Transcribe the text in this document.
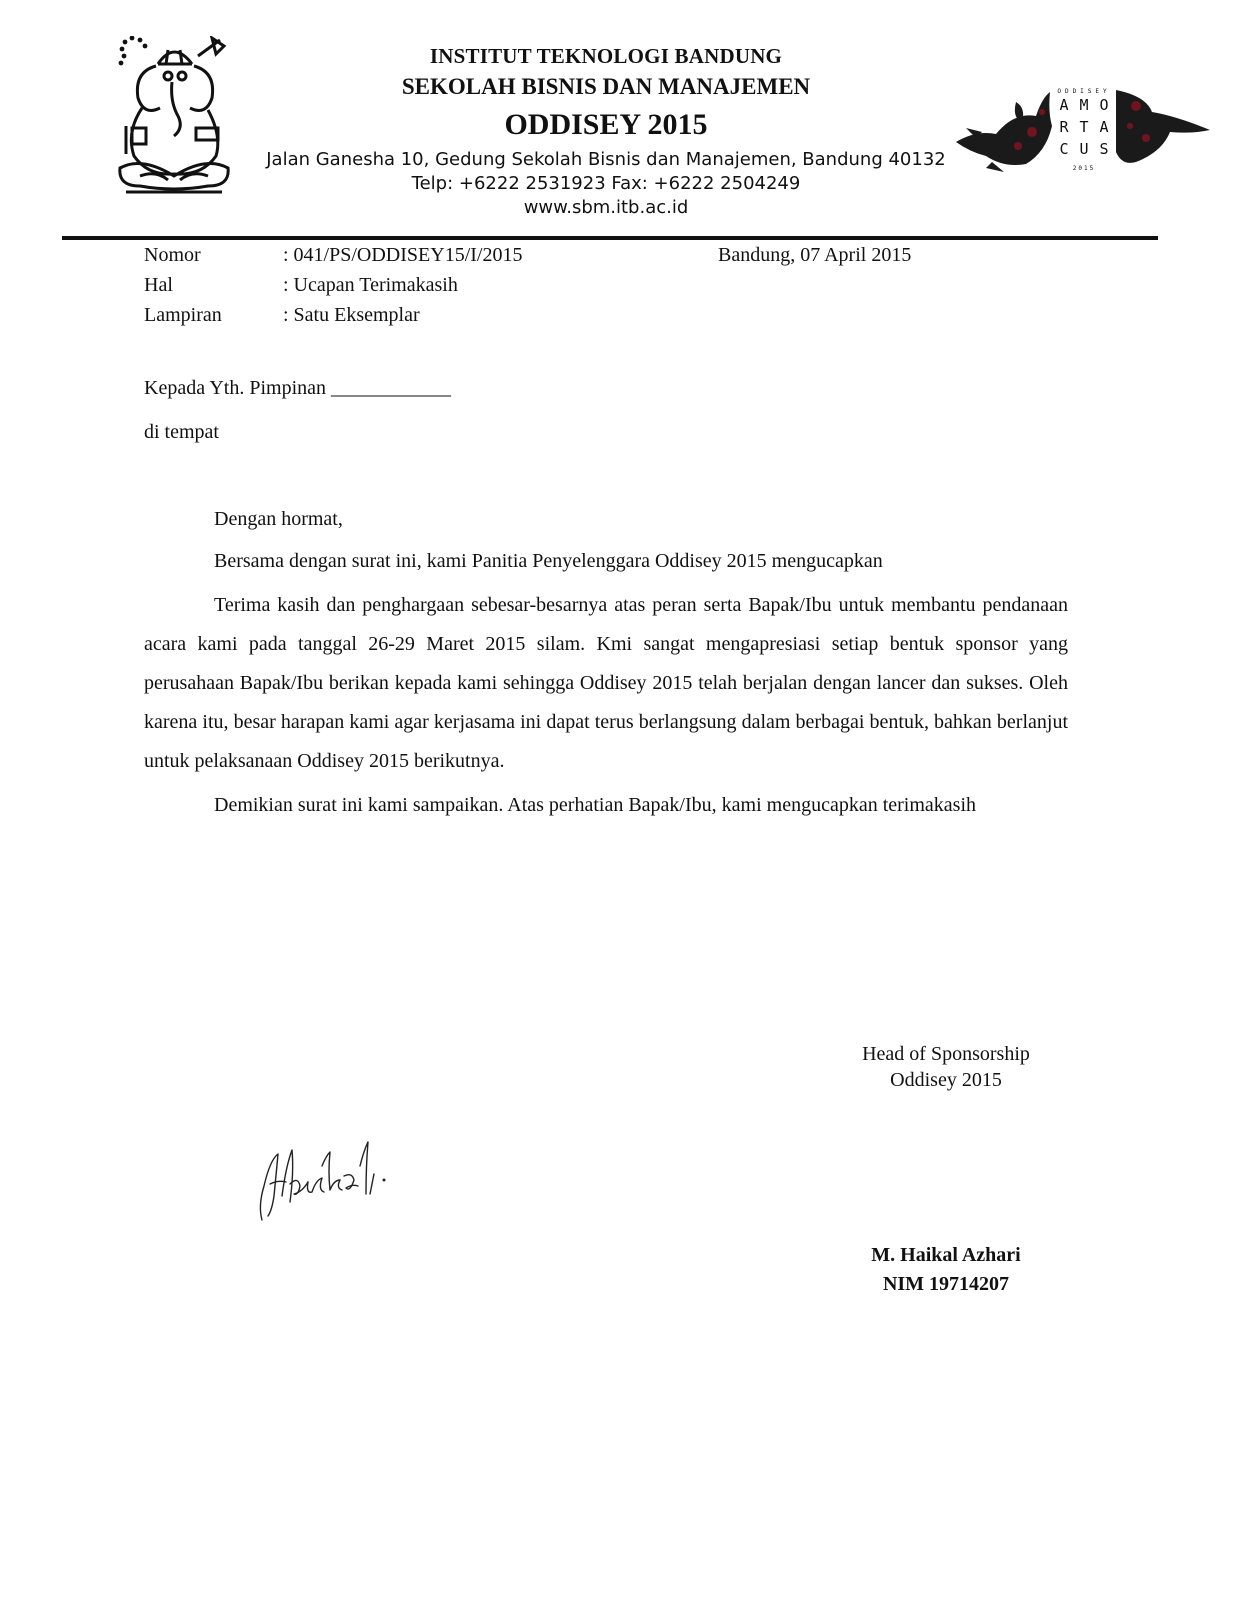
INSTITUT TEKNOLOGI BANDUNG
SEKOLAH BISNIS DAN MANAJEMEN
ODDISEY 2015
Jalan Ganesha 10, Gedung Sekolah Bisnis dan Manajemen, Bandung 40132
Telp: +6222 2531923 Fax: +6222 2504249
www.sbm.itb.ac.id
ODDISEY
A M O
R T A
C U S
2015
Nomor	: 041/PS/ODDISEY15/I/2015	Bandung, 07 April 2015
Hal	: Ucapan Terimakasih
Lampiran	: Satu Eksemplar
Kepada Yth. Pimpinan ____________
di tempat
Dengan hormat,
Bersama dengan surat ini, kami Panitia Penyelenggara Oddisey 2015 mengucapkan
Terima kasih dan penghargaan sebesar-besarnya atas peran serta Bapak/Ibu untuk membantu pendanaan acara kami pada tanggal 26-29 Maret 2015 silam. Kmi sangat mengapresiasi setiap bentuk sponsor yang perusahaan Bapak/Ibu berikan kepada kami sehingga Oddisey 2015 telah berjalan dengan lancer dan sukses. Oleh karena itu, besar harapan kami agar kerjasama ini dapat terus berlangsung dalam berbagai bentuk, bahkan berlanjut untuk pelaksanaan Oddisey 2015 berikutnya.
Demikian surat ini kami sampaikan. Atas perhatian Bapak/Ibu, kami mengucapkan terimakasih
Head of Sponsorship
Oddisey 2015
M. Haikal Azhari
NIM 19714207
